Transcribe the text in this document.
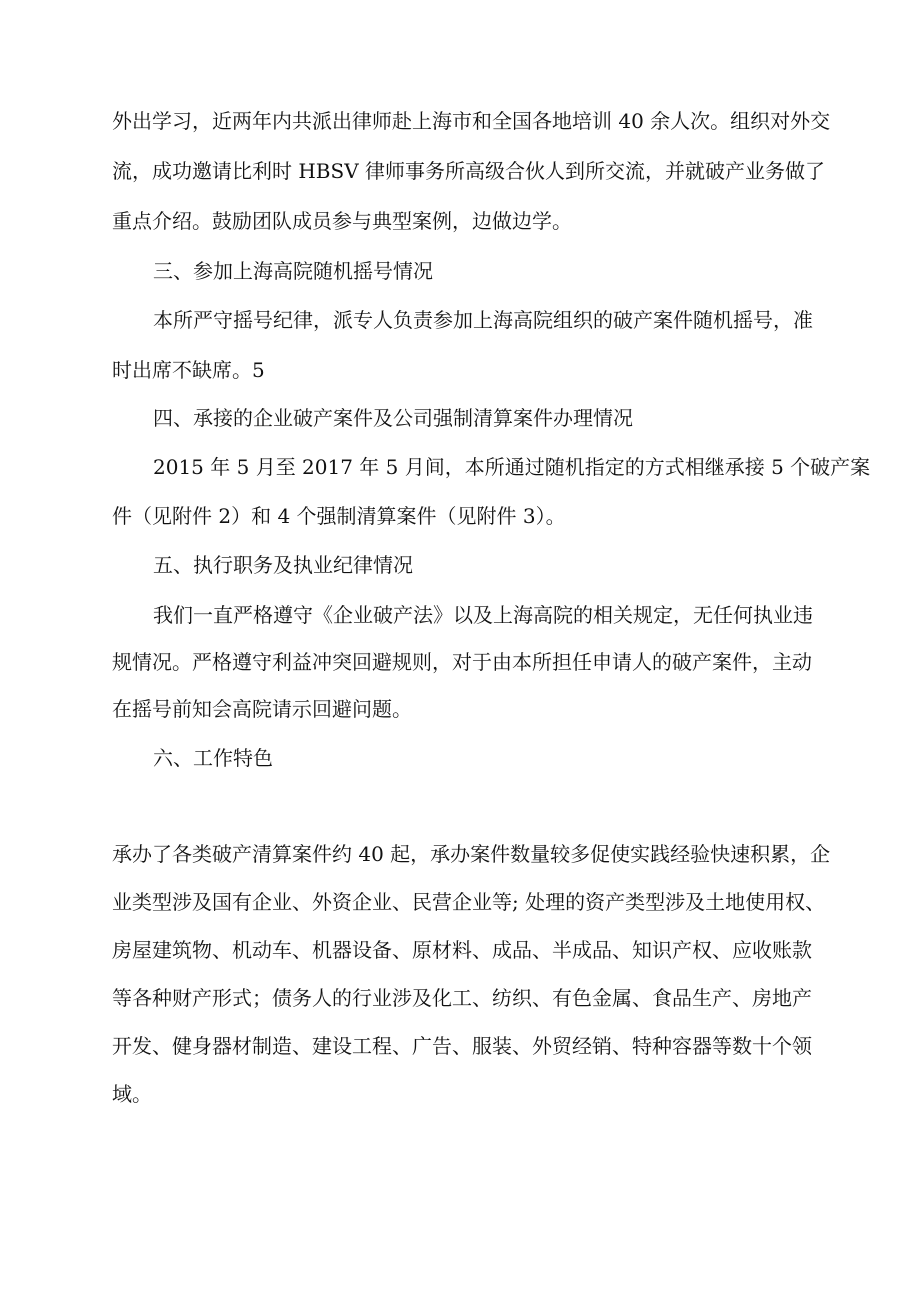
外出学习，近两年内共派出律师赴上海市和全国各地培训 40 余人次。组织对外交
流，成功邀请比利时 HBSV 律师事务所高级合伙人到所交流，并就破产业务做了
重点介绍。鼓励团队成员参与典型案例，边做边学。
三、参加上海高院随机摇号情况
本所严守摇号纪律，派专人负责参加上海高院组织的破产案件随机摇号，准
时出席不缺席。5
四、承接的企业破产案件及公司强制清算案件办理情况
2015 年 5 月至 2017 年 5 月间，本所通过随机指定的方式相继承接 5 个破产案
件（见附件 2）和 4 个强制清算案件（见附件 3）。
五、执行职务及执业纪律情况
我们一直严格遵守《企业破产法》以及上海高院的相关规定，无任何执业违
规情况。严格遵守利益冲突回避规则，对于由本所担任申请人的破产案件，主动
在摇号前知会高院请示回避问题。
六、工作特色

承办了各类破产清算案件约 40 起，承办案件数量较多促使实践经验快速积累，企
业类型涉及国有企业、外资企业、民营企业等; 处理的资产类型涉及土地使用权、
房屋建筑物、机动车、机器设备、原材料、成品、半成品、知识产权、应收账款
等各种财产形式；债务人的行业涉及化工、纺织、有色金属、食品生产、房地产
开发、健身器材制造、建设工程、广告、服装、外贸经销、特种容器等数十个领
域。
